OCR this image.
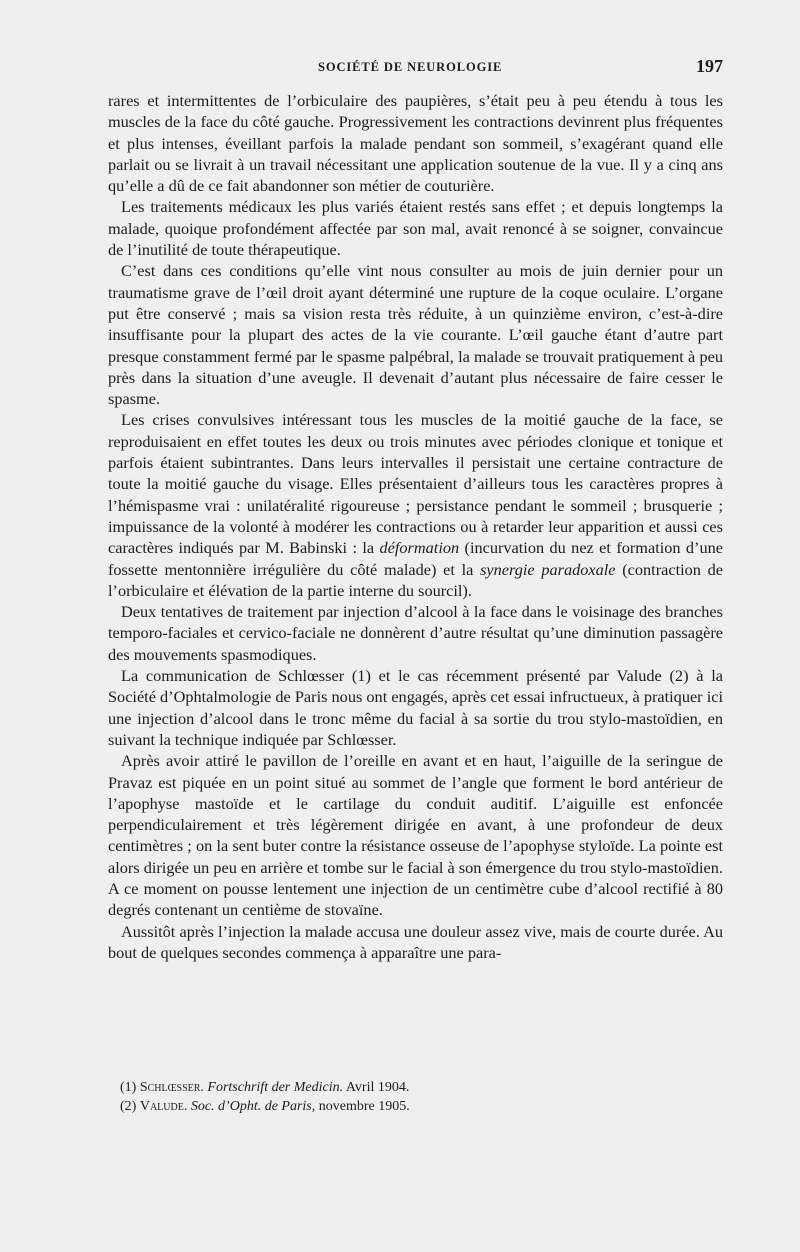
SOCIÉTÉ DE NEUROLOGIE	197

rares et intermittentes de l’orbiculaire des paupières, s’était peu à peu étendu à tous les muscles de la face du côté gauche. Progressivement les contractions devinrent plus fréquentes et plus intenses, éveillant parfois la malade pendant son sommeil, s’exagérant quand elle parlait ou se livrait à un travail nécessitant une application soutenue de la vue. Il y a cinq ans qu’elle a dû de ce fait abandonner son métier de couturière.

Les traitements médicaux les plus variés étaient restés sans effet ; et depuis longtemps la malade, quoique profondément affectée par son mal, avait renoncé à se soigner, convaincue de l’inutilité de toute thérapeutique.

C’est dans ces conditions qu’elle vint nous consulter au mois de juin dernier pour un traumatisme grave de l’œil droit ayant déterminé une rupture de la coque oculaire. L’organe put être conservé ; mais sa vision resta très réduite, à un quinzième environ, c’est-à-dire insuffisante pour la plupart des actes de la vie courante. L’œil gauche étant d’autre part presque constamment fermé par le spasme palpébral, la malade se trouvait pratiquement à peu près dans la situation d’une aveugle. Il devenait d’autant plus nécessaire de faire cesser le spasme.

Les crises convulsives intéressant tous les muscles de la moitié gauche de la face, se reproduisaient en effet toutes les deux ou trois minutes avec périodes clonique et tonique et parfois étaient subintrantes. Dans leurs intervalles il persistait une certaine contracture de toute la moitié gauche du visage. Elles présentaient d’ailleurs tous les caractères propres à l’hémispasme vrai : unilatéralité rigoureuse ; persistance pendant le sommeil ; brusquerie ; impuissance de la volonté à modérer les contractions ou à retarder leur apparition et aussi ces caractères indiqués par M. Babinski : la déformation (incurvation du nez et formation d’une fossette mentonnière irrégulière du côté malade) et la synergie paradoxale (contraction de l’orbiculaire et élévation de la partie interne du sourcil).

Deux tentatives de traitement par injection d’alcool à la face dans le voisinage des branches temporo-faciales et cervico-faciale ne donnèrent d’autre résultat qu’une diminution passagère des mouvements spasmodiques.

La communication de Schlœsser (1) et le cas récemment présenté par Valude (2) à la Société d’Ophtalmologie de Paris nous ont engagés, après cet essai infructueux, à pratiquer ici une injection d’alcool dans le tronc même du facial à sa sortie du trou stylo-mastoïdien, en suivant la technique indiquée par Schlœsser.

Après avoir attiré le pavillon de l’oreille en avant et en haut, l’aiguille de la seringue de Pravaz est piquée en un point situé au sommet de l’angle que forment le bord antérieur de l’apophyse mastoïde et le cartilage du conduit auditif. L’aiguille est enfoncée perpendiculairement et très légèrement dirigée en avant, à une profondeur de deux centimètres ; on la sent buter contre la résistance osseuse de l’apophyse styloïde. La pointe est alors dirigée un peu en arrière et tombe sur le facial à son émergence du trou stylo-mastoïdien. A ce moment on pousse lentement une injection de un centimètre cube d’alcool rectifié à 80 degrés contenant un centième de stovaïne.

Aussitôt après l’injection la malade accusa une douleur assez vive, mais de courte durée. Au bout de quelques secondes commença à apparaître une para-

(1) Schlœsser. Fortschrift der Medicin. Avril 1904.

(2) Valude. Soc. d’Opht. de Paris, novembre 1905.
